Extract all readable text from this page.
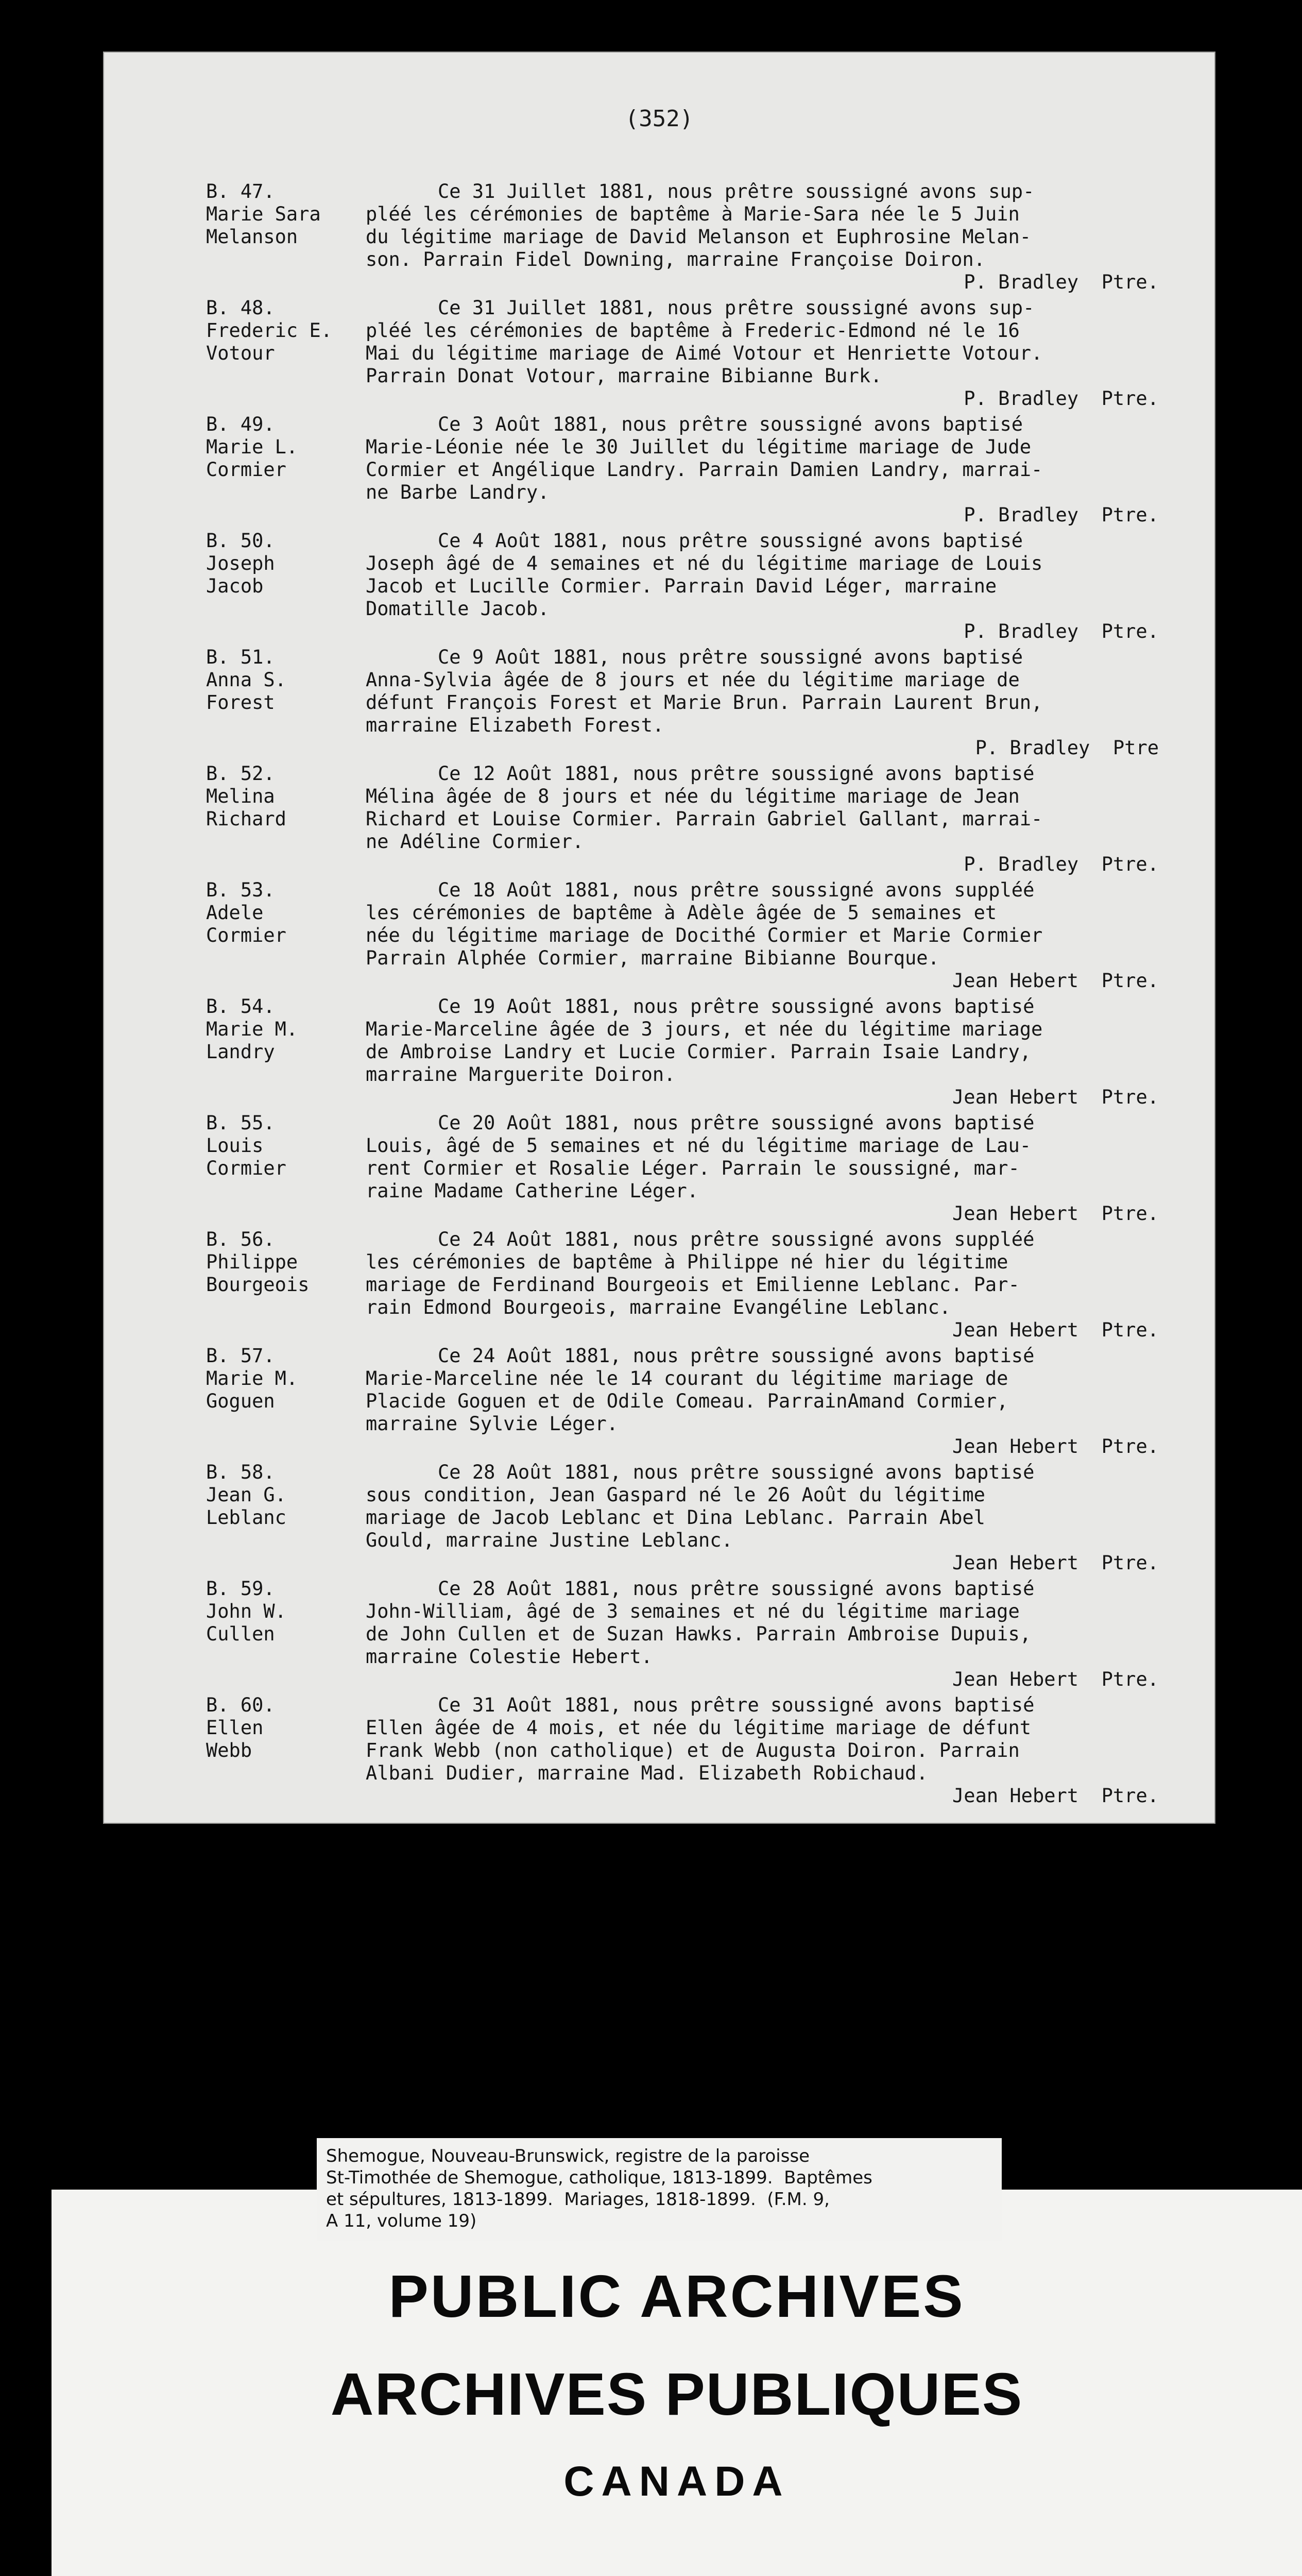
(352)
B. 47.
Marie Sara
Melanson
Ce 31 Juillet 1881, nous prêtre soussigné avons sup-
pléé les cérémonies de baptême à Marie-Sara née le 5 Juin
du légitime mariage de David Melanson et Euphrosine Melan-
son. Parrain Fidel Downing, marraine Françoise Doiron.
P. Bradley  Ptre.
B. 48.
Frederic E.
Votour
Ce 31 Juillet 1881, nous prêtre soussigné avons sup-
pléé les cérémonies de baptême à Frederic-Edmond né le 16
Mai du légitime mariage de Aimé Votour et Henriette Votour.
Parrain Donat Votour, marraine Bibianne Burk.
P. Bradley  Ptre.
B. 49.
Marie L.
Cormier
Ce 3 Août 1881, nous prêtre soussigné avons baptisé
Marie-Léonie née le 30 Juillet du légitime mariage de Jude
Cormier et Angélique Landry. Parrain Damien Landry, marrai-
ne Barbe Landry.
P. Bradley  Ptre.
B. 50.
Joseph
Jacob
Ce 4 Août 1881, nous prêtre soussigné avons baptisé
Joseph âgé de 4 semaines et né du légitime mariage de Louis
Jacob et Lucille Cormier. Parrain David Léger, marraine
Domatille Jacob.
P. Bradley  Ptre.
B. 51.
Anna S.
Forest
Ce 9 Août 1881, nous prêtre soussigné avons baptisé
Anna-Sylvia âgée de 8 jours et née du légitime mariage de
défunt François Forest et Marie Brun. Parrain Laurent Brun,
marraine Elizabeth Forest.
P. Bradley  Ptre
B. 52.
Melina
Richard
Ce 12 Août 1881, nous prêtre soussigné avons baptisé
Mélina âgée de 8 jours et née du légitime mariage de Jean
Richard et Louise Cormier. Parrain Gabriel Gallant, marrai-
ne Adéline Cormier.
P. Bradley  Ptre.
B. 53.
Adele
Cormier
Ce 18 Août 1881, nous prêtre soussigné avons suppléé
les cérémonies de baptême à Adèle âgée de 5 semaines et
née du légitime mariage de Docithé Cormier et Marie Cormier
Parrain Alphée Cormier, marraine Bibianne Bourque.
Jean Hebert  Ptre.
B. 54.
Marie M.
Landry
Ce 19 Août 1881, nous prêtre soussigné avons baptisé
Marie-Marceline âgée de 3 jours, et née du légitime mariage
de Ambroise Landry et Lucie Cormier. Parrain Isaie Landry,
marraine Marguerite Doiron.
Jean Hebert  Ptre.
B. 55.
Louis
Cormier
Ce 20 Août 1881, nous prêtre soussigné avons baptisé
Louis, âgé de 5 semaines et né du légitime mariage de Lau-
rent Cormier et Rosalie Léger. Parrain le soussigné, mar-
raine Madame Catherine Léger.
Jean Hebert  Ptre.
B. 56.
Philippe
Bourgeois
Ce 24 Août 1881, nous prêtre soussigné avons suppléé
les cérémonies de baptême à Philippe né hier du légitime
mariage de Ferdinand Bourgeois et Emilienne Leblanc. Par-
rain Edmond Bourgeois, marraine Evangéline Leblanc.
Jean Hebert  Ptre.
B. 57.
Marie M.
Goguen
Ce 24 Août 1881, nous prêtre soussigné avons baptisé
Marie-Marceline née le 14 courant du légitime mariage de
Placide Goguen et de Odile Comeau. ParrainAmand Cormier,
marraine Sylvie Léger.
Jean Hebert  Ptre.
B. 58.
Jean G.
Leblanc
Ce 28 Août 1881, nous prêtre soussigné avons baptisé
sous condition, Jean Gaspard né le 26 Août du légitime
mariage de Jacob Leblanc et Dina Leblanc. Parrain Abel
Gould, marraine Justine Leblanc.
Jean Hebert  Ptre.
B. 59.
John W.
Cullen
Ce 28 Août 1881, nous prêtre soussigné avons baptisé
John-William, âgé de 3 semaines et né du légitime mariage
de John Cullen et de Suzan Hawks. Parrain Ambroise Dupuis,
marraine Colestie Hebert.
Jean Hebert  Ptre.
B. 60.
Ellen
Webb
Ce 31 Août 1881, nous prêtre soussigné avons baptisé
Ellen âgée de 4 mois, et née du légitime mariage de défunt
Frank Webb (non catholique) et de Augusta Doiron. Parrain
Albani Dudier, marraine Mad. Elizabeth Robichaud.
Jean Hebert  Ptre.
PUBLIC ARCHIVES
ARCHIVES PUBLIQUES
CANADA
Shemogue, Nouveau-Brunswick, registre de la paroisse
St-Timothée de Shemogue, catholique, 1813-1899.  Baptêmes
et sépultures, 1813-1899.  Mariages, 1818-1899.  (F.M. 9,
A 11, volume 19)
